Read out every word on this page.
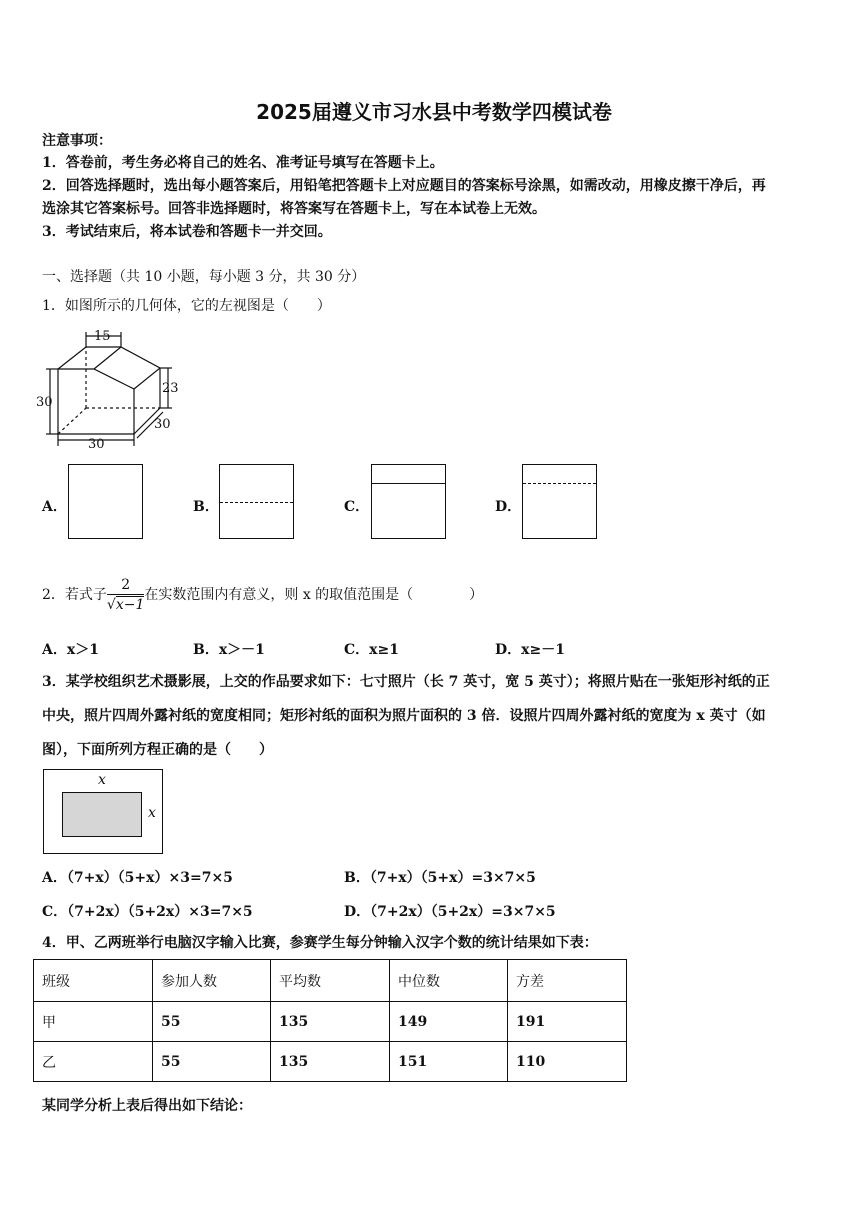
2025届遵义市习水县中考数学四模试卷
注意事项：
1．答卷前，考生务必将自己的姓名、准考证号填写在答题卡上。
2．回答选择题时，选出每小题答案后，用铅笔把答题卡上对应题目的答案标号涂黑，如需改动，用橡皮擦干净后，再
选涂其它答案标号。回答非选择题时，将答案写在答题卡上，写在本试卷上无效。
3．考试结束后，将本试卷和答题卡一并交回。
一、选择题（共 10 小题，每小题 3 分，共 30 分）
1．如图所示的几何体，它的左视图是（　　）
15
23
30
30
30
A．	B．	C．	D．
2．若式子 $\frac{2}{√x-1}$ 在实数范围内有意义，则 x 的取值范围是（　　　　）
A．x＞1	B．x＞－1	C．x≥1	D．x≥－1
3．某学校组织艺术摄影展，上交的作品要求如下：七寸照片（长 7 英寸，宽 5 英寸）；将照片贴在一张矩形衬纸的正
中央，照片四周外露衬纸的宽度相同；矩形衬纸的面积为照片面积的 3 倍．设照片四周外露衬纸的宽度为 x 英寸（如
图），下面所列方程正确的是（　　）
x
x
A．（7+x）（5+x）×3=7×5	B．（7+x）（5+x）=3×7×5
C．（7+2x）（5+2x）×3=7×5	D．（7+2x）（5+2x）=3×7×5
4．甲、乙两班举行电脑汉字输入比赛，参赛学生每分钟输入汉字个数的统计结果如下表：
班级	参加人数	平均数	中位数	方差
甲	55	135	149	191
乙	55	135	151	110
某同学分析上表后得出如下结论：
